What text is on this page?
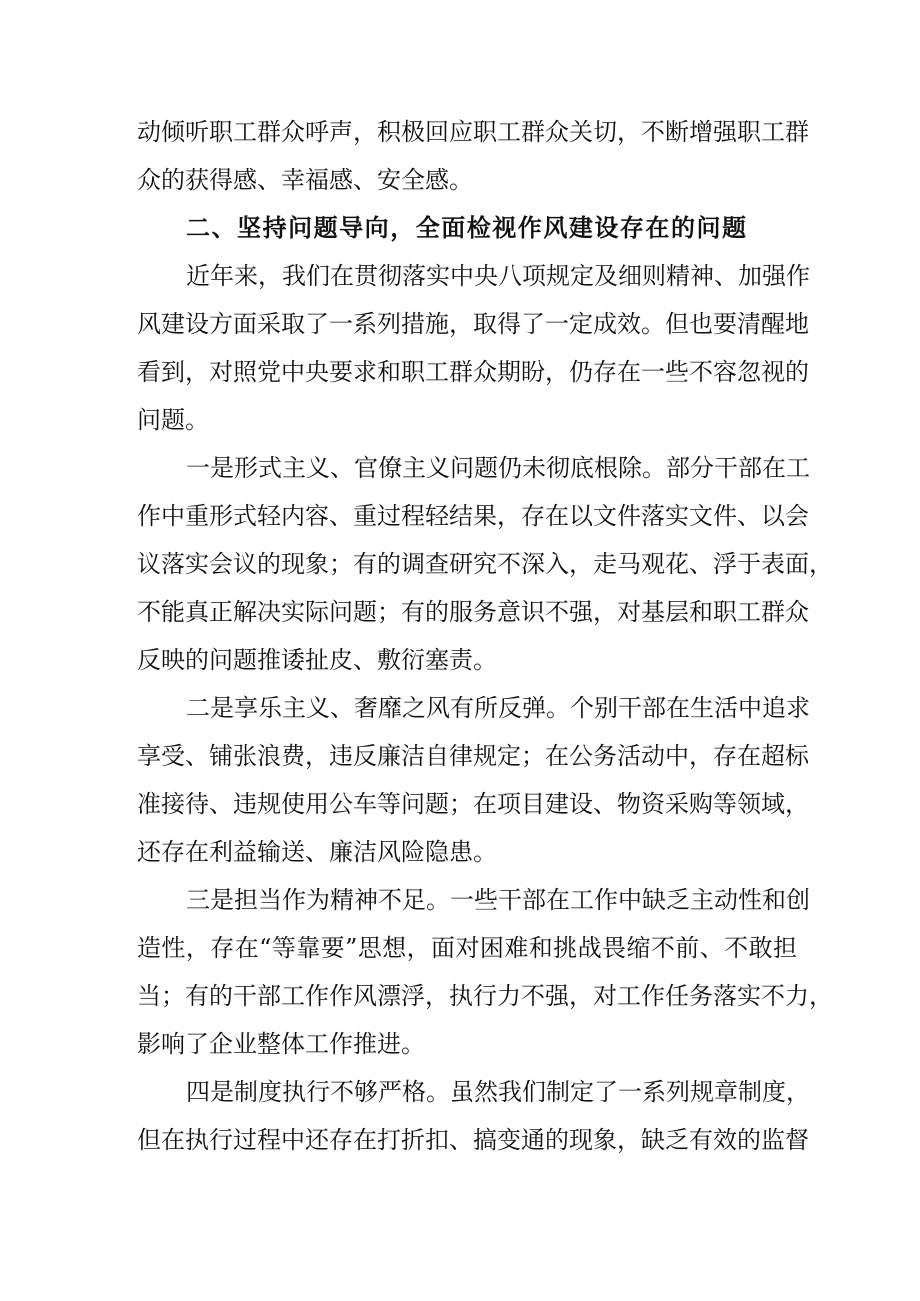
动倾听职工群众呼声，积极回应职工群众关切，不断增强职工群
众的获得感、幸福感、安全感。
二、坚持问题导向，全面检视作风建设存在的问题
近年来，我们在贯彻落实中央八项规定及细则精神、加强作
风建设方面采取了一系列措施，取得了一定成效。但也要清醒地
看到，对照党中央要求和职工群众期盼，仍存在一些不容忽视的
问题。
一是形式主义、官僚主义问题仍未彻底根除。部分干部在工
作中重形式轻内容、重过程轻结果，存在以文件落实文件、以会
议落实会议的现象；有的调查研究不深入，走马观花、浮于表面，
不能真正解决实际问题；有的服务意识不强，对基层和职工群众
反映的问题推诿扯皮、敷衍塞责。
二是享乐主义、奢靡之风有所反弹。个别干部在生活中追求
享受、铺张浪费，违反廉洁自律规定；在公务活动中，存在超标
准接待、违规使用公车等问题；在项目建设、物资采购等领域，
还存在利益输送、廉洁风险隐患。
三是担当作为精神不足。一些干部在工作中缺乏主动性和创
造性，存在“等靠要”思想，面对困难和挑战畏缩不前、不敢担
当；有的干部工作作风漂浮，执行力不强，对工作任务落实不力，
影响了企业整体工作推进。
四是制度执行不够严格。虽然我们制定了一系列规章制度，
但在执行过程中还存在打折扣、搞变通的现象，缺乏有效的监督
